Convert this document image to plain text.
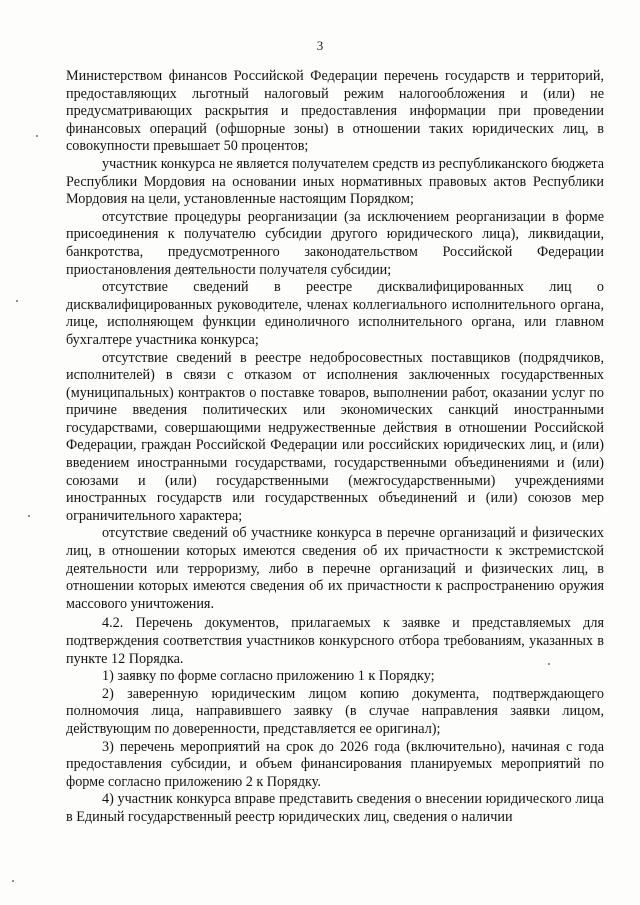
3

Министерством финансов Российской Федерации перечень государств и территорий, предоставляющих льготный налоговый режим налогообложения и (или) не предусматривающих раскрытия и предоставления информации при проведении финансовых операций (офшорные зоны) в отношении таких юридических лиц, в совокупности превышает 50 процентов;

участник конкурса не является получателем средств из республиканского бюджета Республики Мордовия на основании иных нормативных правовых актов Республики Мордовия на цели, установленные настоящим Порядком;

отсутствие процедуры реорганизации (за исключением реорганизации в форме присоединения к получателю субсидии другого юридического лица), ликвидации, банкротства, предусмотренного законодательством Российской Федерации приостановления деятельности получателя субсидии;

отсутствие сведений в реестре дисквалифицированных лиц о дисквалифицированных руководителе, членах коллегиального исполнительного органа, лице, исполняющем функции единоличного исполнительного органа, или главном бухгалтере участника конкурса;

отсутствие сведений в реестре недобросовестных поставщиков (подрядчиков, исполнителей) в связи с отказом от исполнения заключенных государственных (муниципальных) контрактов о поставке товаров, выполнении работ, оказании услуг по причине введения политических или экономических санкций иностранными государствами, совершающими недружественные действия в отношении Российской Федерации, граждан Российской Федерации или российских юридических лиц, и (или) введением иностранными государствами, государственными объединениями и (или) союзами и (или) государственными (межгосударственными) учреждениями иностранных государств или государственных объединений и (или) союзов мер ограничительного характера;

отсутствие сведений об участнике конкурса в перечне организаций и физических лиц, в отношении которых имеются сведения об их причастности к экстремистской деятельности или терроризму, либо в перечне организаций и физических лиц, в отношении которых имеются сведения об их причастности к распространению оружия массового уничтожения.

4.2. Перечень документов, прилагаемых к заявке и представляемых для подтверждения соответствия участников конкурсного отбора требованиям, указанных в пункте 12 Порядка.

1) заявку по форме согласно приложению 1 к Порядку;

2) заверенную юридическим лицом копию документа, подтверждающего полномочия лица, направившего заявку (в случае направления заявки лицом, действующим по доверенности, представляется ее оригинал);

3) перечень мероприятий на срок до 2026 года (включительно), начиная с года предоставления субсидии, и объем финансирования планируемых мероприятий по форме согласно приложению 2 к Порядку.

4) участник конкурса вправе представить сведения о внесении юридического лица в Единый государственный реестр юридических лиц, сведения о наличии
